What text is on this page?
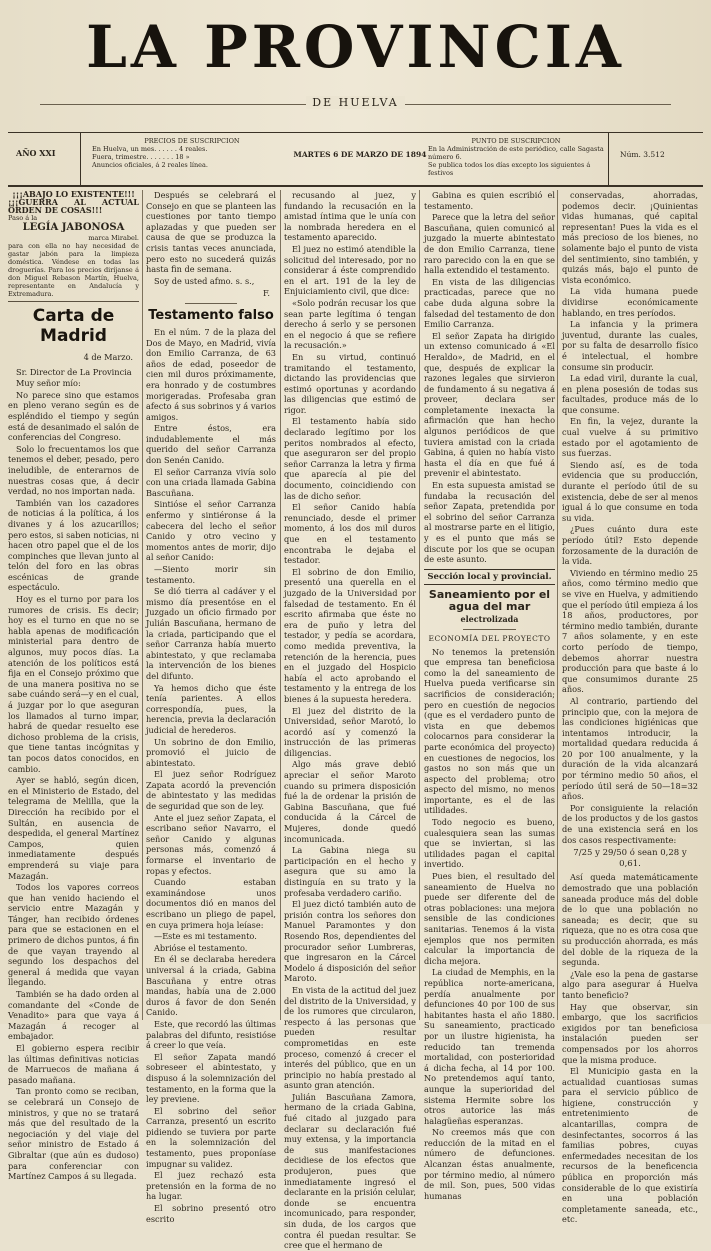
LA PROVINCIA
DE HUELVA
AÑO XXI
PRECIOS DE SUSCRIPCION
En Huelva, un mes. . . . . . 4 reales.
Fuera, trimestre. . . . . . . 18 »
Anuncios oficiales, á 2 reales línea.
MARTES 6 DE MARZO DE 1894
PUNTO DE SUSCRIPCION
En la Administración de este periódico, calle Sagasta número 6.
Se publica todos los días excepto los siguientes á festivos
Núm. 3.512
¡¡¡ABAJO LO EXISTENTE!!!
¡¡¡GUERRA AL ACTUAL ÓRDEN DE COSAS!!!
Paso á la
LEGÍA JABONOSA
marca Mirabel.
para con ella no hay necesidad de gastar jabón para la limpieza doméstica. Véndese en todas las droguerías. Para los precios diríjanse á don Miguel Rebason Martín, Huelva, representante en Andalucía y Extremadura.
Carta de Madrid
4 de Marzo.

Sr. Director de La Provincia

Muy señor mío:

No parece sino que estamos en pleno verano según es de espléndido el tiempo y según está de desanimado el salón de conferencias del Congreso.

Solo lo frecuentamos los que tenemos el deber, pesado, pero ineludible, de enterarnos de nuestras cosas que, á decir verdad, no nos importan nada.

También van los cazadores de noticias á la política, á los divanes y á los azucarillos; pero estos, si saben noticias, ni hacen otro papel que el de los compinches que llevan junto al telón del foro en las obras escénicas de grande espectáculo.

Hoy es el turno por para los rumores de crisis. Es decir; hoy es el turno en que no se habla apenas de modificación ministerial para dentro de algunos, muy pocos días. La atención de los políticos está fija en el Consejo próximo que de una manera positiva no se sabe cuándo será—y en el cual, á juzgar por lo que aseguran los llamados al turno impar, habrá de quedar resuelto ese dichoso problema de la crisis, que tiene tantas incógnitas y tan pocos datos conocidos, en cambio.

Ayer se habló, según dicen, en el Ministerio de Estado, del telegrama de Melilla, que la Dirección ha recibido por el Sultán, en ausencia de despedida, el general Martínez Campos, quien inmediatamente después emprenderá su viaje para Mazagán.

Todos los vapores correos que han venido haciendo el servicio entre Mazagán y Tánger, han recibido órdenes para que se estacionen en el primero de dichos puntos, á fin de que vayan trayendo al segundo los despachos del general á medida que vayan llegando.

También se ha dado orden al comandante del «Conde de Venadito» para que vaya á Mazagán á recoger al embajador.

El gobierno espera recibir las últimas definitivas noticias de Marruecos de mañana á pasado mañana.

Tan pronto como se reciban, se celebrará un Consejo de ministros, y que no se tratará más que del resultado de la negociación y del viaje del señor ministro de Estado á Gibraltar (que aún es dudoso) para conferenciar con Martínez Campos á su llegada.

Después se celebrará el Consejo en que se planteen las cuestiones por tanto tiempo aplazadas y que pueden ser causa de que se produzca la crisis tantas veces anunciada, pero esto no sucederá quizás hasta fin de semana.

Soy de usted afmo. s. s.,

F.
Testamento falso

En el núm. 7 de la plaza del Dos de Mayo, en Madrid, vivía don Emilio Carranza, de 63 años de edad, poseedor de cien mil duros próximamente, era honrado y de costumbres morigeradas. Profesaba gran afecto á sus sobrinos y á varios amigos.

Entre éstos, era indudablemente el más querido del señor Carranza don Senén Canido.

El señor Carranza vivía solo con una criada llamada Gabina Bascuñana.

Sintióse el señor Carranza enfermo y sintiéronse á la cabecera del lecho el señor Canido y otro vecino y momentos antes de morir, dijo al señor Canido:

—Siento morir sin testamento.

Se dió tierra al cadáver y el mismo día presentóse en el Juzgado un oficio firmado por Julián Bascuñana, hermano de la criada, participando que el señor Carranza había muerto abintestato, y que reclamaba la intervención de los bienes del difunto.

Ya hemos dicho que éste tenía parientes. A ellos correspondía, pues, la herencia, previa la declaración judicial de herederos.

Un sobrino de don Emilio, promovió el juicio de abintestato.

El juez señor Rodríguez Zapata acordó la prevención de abintestato y las medidas de seguridad que son de ley.

Ante el juez señor Zapata, el escribano señor Navarro, el señor Canido y algunas personas más, comenzó á formarse el inventario de ropas y efectos.

Cuando estaban examinándose unos documentos dió en manos del escribano un pliego de papel, en cuya primera hoja leíase:

—Este es mi testamento.

Abrióse el testamento.

En él se declaraba heredera universal á la criada, Gabina Bascuñana y entre otras mandas, había una de 2.000 duros á favor de don Senén Canido.

Este, que recordó las últimas palabras del difunto, resistióse á creer lo que veía.

El señor Zapata mandó sobreseer el abintestato, y dispuso á la solemnización del testamento, en la forma que la ley previene.

El sobrino del señor Carranza, presentó un escrito pidiendo se tuviera por parte en la solemnización del testamento, pues proponíase impugnar su validez.

El juez rechazó esta pretensión en la forma de no ha lugar.

El sobrino presentó otro escrito

recusando al juez, y fundando la recusación en la amistad íntima que le unía con la nombrada heredera en el testamento aparecido.

El juez no estimó atendible la solicitud del interesado, por no considerar á éste comprendido en el art. 191 de la ley de Enjuiciamiento civil, que dice:

«Solo podrán recusar los que sean parte legítima ó tengan derecho á serlo y se personen en el negocio á que se refiere la recusación.»

En su virtud, continuó tramitando el testamento, dictando las providencias que estimó oportunas y acordando las diligencias que estimó de rigor.

El testamento había sido declarado legítimo por los peritos nombrados al efecto, que aseguraron ser del propio señor Carranza la letra y firma que aparecía al pie del documento, coincidiendo con las de dicho señor.

El señor Canido había renunciado, desde el primer momento, á los dos mil duros que en el testamento encontraba le dejaba el testador.

El sobrino de don Emilio, presentó una querella en el juzgado de la Universidad por falsedad de testamento. En él escrito afirmaba que éste no era de puño y letra del testador, y pedía se acordara, como medida preventiva, la retención de la herencia, pues en el juzgado del Hospicio había el acto aprobando el testamento y la entrega de los bienes á la supuesta heredera.

El juez del distrito de la Universidad, señor Marotó, lo acordó así y comenzó la instrucción de las primeras diligencias.

Algo más grave debió apreciar el señor Maroto cuando su primera disposición fué la de ordenar la prisión de Gabina Bascuñana, que fué conducida á la Cárcel de Mujeres, donde quedó incomunicada.

La Gabina niega su participación en el hecho y asegura que su amo la distinguía en su trato y la profesaba verdadero cariño.

El juez dictó también auto de prisión contra los señores don Manuel Paramontes y don Rosendo Ros, dependientes del procurador señor Lumbreras, que ingresaron en la Cárcel Modelo á disposición del señor Maroto.

En vista de la actitud del juez del distrito de la Universidad, y de los rumores que circularon, respecto á las personas que pueden resultar comprometidas en este proceso, comenzó á crecer el interés del público, que en un principio no había prestado al asunto gran atención.

Julián Bascuñana Zamora, hermano de la criada Gabina, fué citado al juzgado para declarar su declaración fué muy extensa, y la importancia de sus manifestaciones decidiese de los efectos que produjeron, pues que inmediatamente ingresó el declarante en la prisión celular, donde se encuentra incomunicado, para responder, sin duda, de los cargos que contra él puedan resultar. Se cree que el hermano de

Gabina es quien escribió el testamento.

Parece que la letra del señor Bascuñana, quien comunicó al juzgado la muerte abintestato de don Emilio Carranza, tiene raro parecido con la en que se halla extendido el testamento.

En vista de las diligencias practicadas, parece que no cabe duda alguna sobre la falsedad del testamento de don Emilio Carranza.

El señor Zapata ha dirigido un extenso comunicado á «El Heraldo», de Madrid, en el que, después de explicar la razones legales que sirvieron de fundamento á su negativa á proveer, declara ser completamente inexacta la afirmación que han hecho algunos periódicos de que tuviera amistad con la criada Gabina, á quien no había visto hasta el día en que fué á prevenir el abintestato.

En esta supuesta amistad se fundaba la recusación del señor Zapata, pretendida por el sobrino del señor Carranza al mostrarse parte en el litigio, y es el punto que más se discute por los que se ocupan de este asunto.

Sección local y provincial.
Saneamiento por el agua del mar
electrolizada
ECONOMÍA DEL PROYECTO

No tenemos la pretensión que empresa tan beneficiosa como la del saneamiento de Huelva pueda verificarse sin sacrificios de consideración; pero en cuestión de negocios (que es el verdadero punto de vista en que debemos colocarnos para considerar la parte económica del proyecto) en cuestiones de negocios, los gastos no son más que un aspecto del problema; otro aspecto del mismo, no menos importante, es el de las utilidades.

Todo negocio es bueno, cualesquiera sean las sumas que se inviertan, si las utilidades pagan el capital invertido.

Pues bien, el resultado del saneamiento de Huelva no puede ser diferente del de otras poblaciones: una mejora sensible de las condiciones sanitarias. Tenemos á la vista ejemplos que nos permiten calcular la importancia de dicha mejora.

La ciudad de Memphis, en la república norte-americana, perdía anualmente por defunciones 40 por 100 de sus habitantes hasta el año 1880. Su saneamiento, practicado por un ilustre higienista, ha reducido tan tremenda mortalidad, con posterioridad á dicha fecha, al 14 por 100. No pretendemos aquí tanto, aunque la superioridad del sistema Hermite sobre los otros autorice las más halagüeñas esperanzas.

No creemos más que con reducción de la mitad en el número de defunciones. Alcanzan éstas anualmente, por término medio, al número de mil. Son, pues, 500 vidas humanas

conservadas, ahorradas, podemos decir. ¡Quinientas vidas humanas, qué capital representan! Pues la vida es el más precioso de los bienes, no solamente bajo el punto de vista del sentimiento, sino también, y quizás más, bajo el punto de vista económico.

La vida humana puede dividirse económicamente hablando, en tres períodos.

La infancia y la primera juventud, durante las cuales, por su falta de desarrollo físico é intelectual, el hombre consume sin producir.

La edad viril, durante la cual, en plena posesión de todas sus facultades, produce más de lo que consume.

En fin, la vejez, durante la cual vuelve á su primitivo estado por el agotamiento de sus fuerzas.

Siendo así, es de toda evidencia que su producción, durante el período útil de su existencia, debe de ser al menos igual á lo que consume en toda su vida.

¿Pues cuánto dura este período útil? Esto depende forzosamente de la duración de la vida.

Viviendo en término medio 25 años, como término medio que se vive en Huelva, y admitiendo que el período útil empieza á los 18 años, productores, por término medio también, durante 7 años solamente, y en este corto período de tiempo, debemos ahorrar nuestra producción para que baste á lo que consumimos durante 25 años.

Al contrario, partiendo del principio que, con la mejora de las condiciones higiénicas que intentamos introducir, la mortalidad quedara reducida á 20 por 100 anualmente, y la duración de la vida alcanzará por término medio 50 años, el período útil será de 50—18=32 años.

Por consiguiente la relación de los productos y de los gastos de una existencia será en los dos casos respectivamente:

7/25 y 29/50 ó sean 0,28 y 0,61.

Así queda matemáticamente demostrado que una población saneada produce más del doble de lo que una población no saneada; es decir, que su riqueza, que no es otra cosa que su producción ahorrada, es más del doble de la riqueza de la segunda.

¿Vale eso la pena de gastarse algo para asegurar á Huelva tanto beneficio?

Hay que observar, sin embargo, que los sacrificios exigidos por tan beneficiosa instalación pueden ser compensados por los ahorros que la misma produce.

El Municipio gasta en la actualidad cuantiosas sumas para el servicio público de higiene, construcción y entretenimiento de alcantarillas, compra de desinfectantes, socorros á las familias pobres, cuyas enfermedades necesitan de los recursos de la beneficencia pública en proporción más considerable de lo que existiría en una población completamente saneada, etc., etc.
